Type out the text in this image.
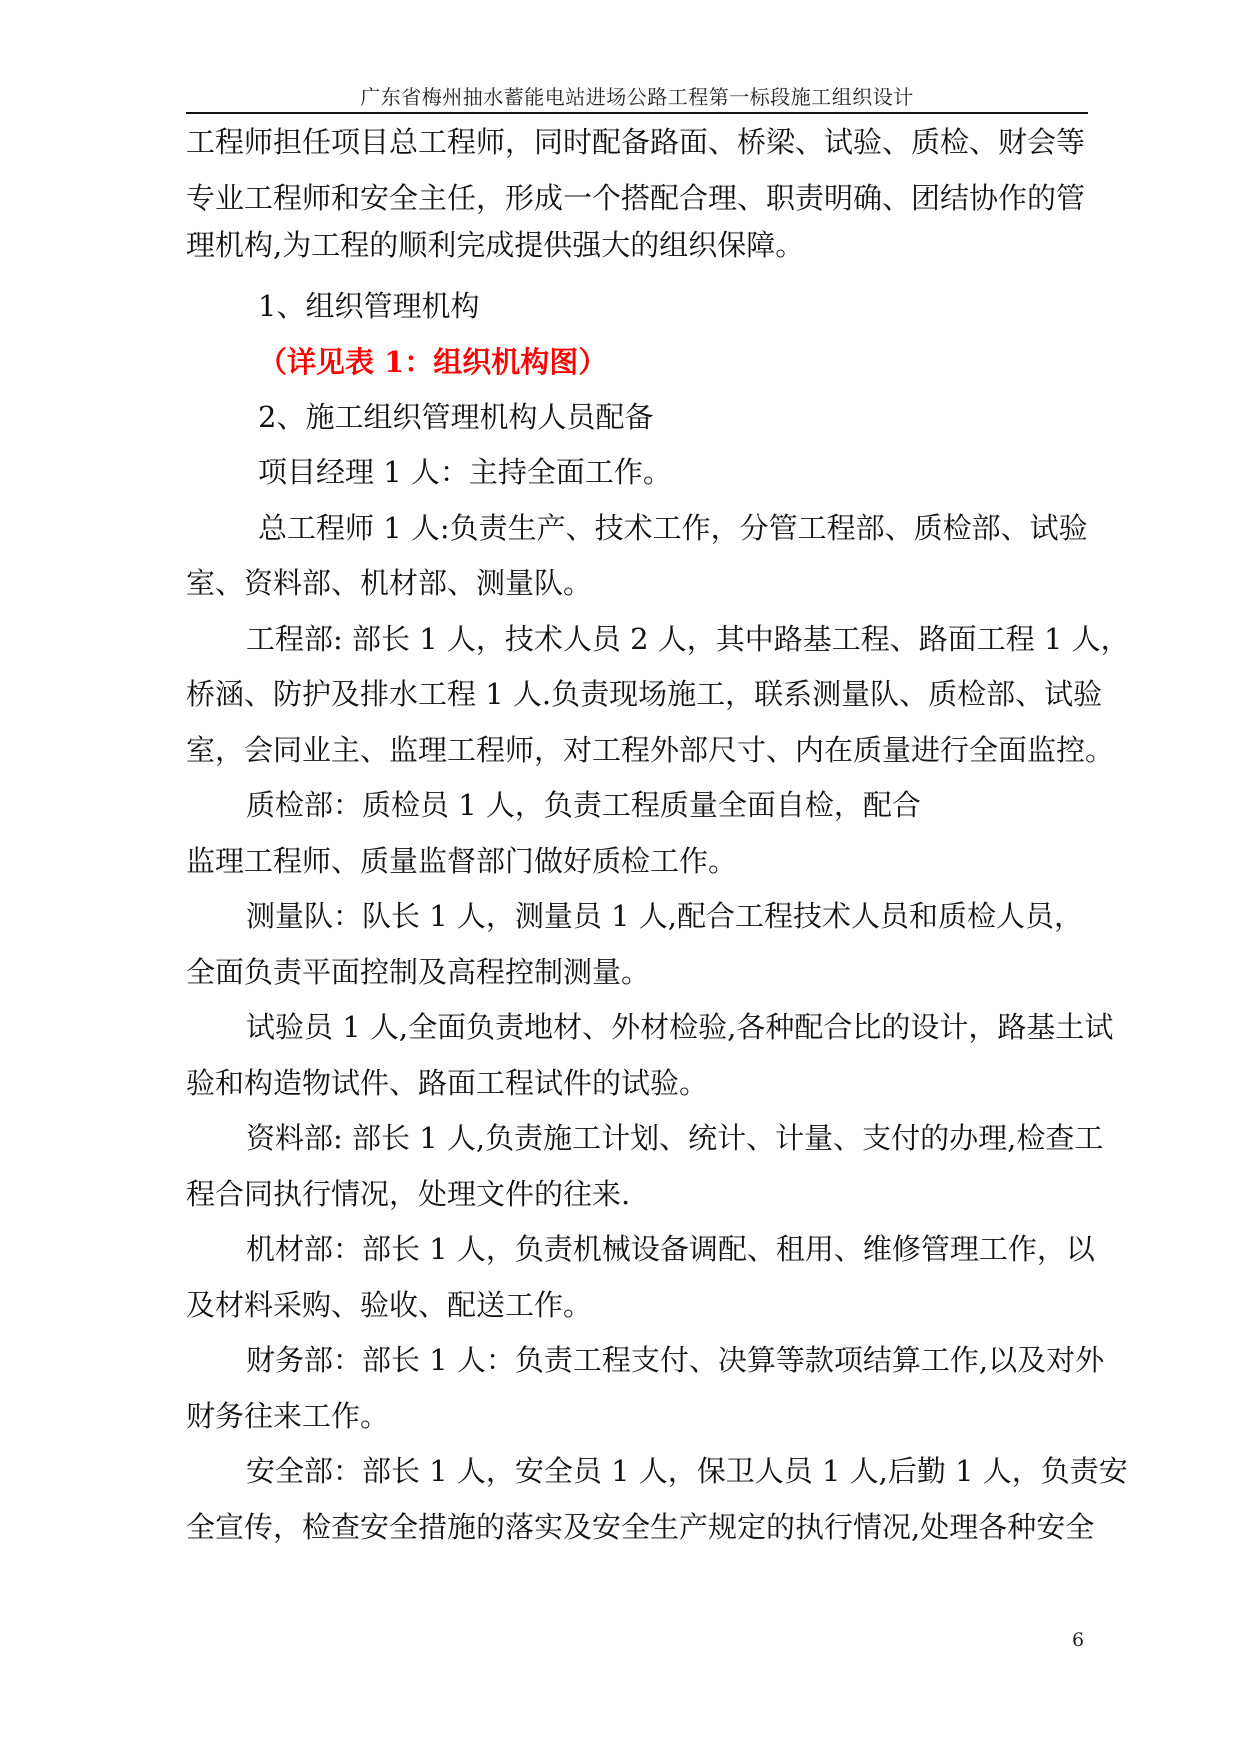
广东省梅州抽水蓄能电站进场公路工程第一标段施工组织设计
工程师担任项目总工程师，同时配备路面、桥梁、试验、质检、财会等
专业工程师和安全主任，形成一个搭配合理、职责明确、团结协作的管
理机构,为工程的顺利完成提供强大的组织保障。
1、组织管理机构
（详见表 1：组织机构图）
2、施工组织管理机构人员配备
项目经理 1 人：主持全面工作。
总工程师 1 人:负责生产、技术工作，分管工程部、质检部、试验
室、资料部、机材部、测量队。
工程部: 部长 1 人，技术人员 2 人，其中路基工程、路面工程 1 人，
桥涵、防护及排水工程 1 人.负责现场施工，联系测量队、质检部、试验
室，会同业主、监理工程师，对工程外部尺寸、内在质量进行全面监控。
质检部：质检员 1 人，负责工程质量全面自检，配合
监理工程师、质量监督部门做好质检工作。
测量队：队长 1 人，测量员 1 人,配合工程技术人员和质检人员，
全面负责平面控制及高程控制测量。
试验员 1 人,全面负责地材、外材检验,各种配合比的设计，路基土试
验和构造物试件、路面工程试件的试验。
资料部: 部长 1 人,负责施工计划、统计、计量、支付的办理,检查工
程合同执行情况，处理文件的往来.
机材部：部长 1 人，负责机械设备调配、租用、维修管理工作，以
及材料采购、验收、配送工作。
财务部：部长 1 人：负责工程支付、决算等款项结算工作,以及对外
财务往来工作。
安全部：部长 1 人，安全员 1 人，保卫人员 1 人,后勤 1 人，负责安
全宣传，检查安全措施的落实及安全生产规定的执行情况,处理各种安全
6
